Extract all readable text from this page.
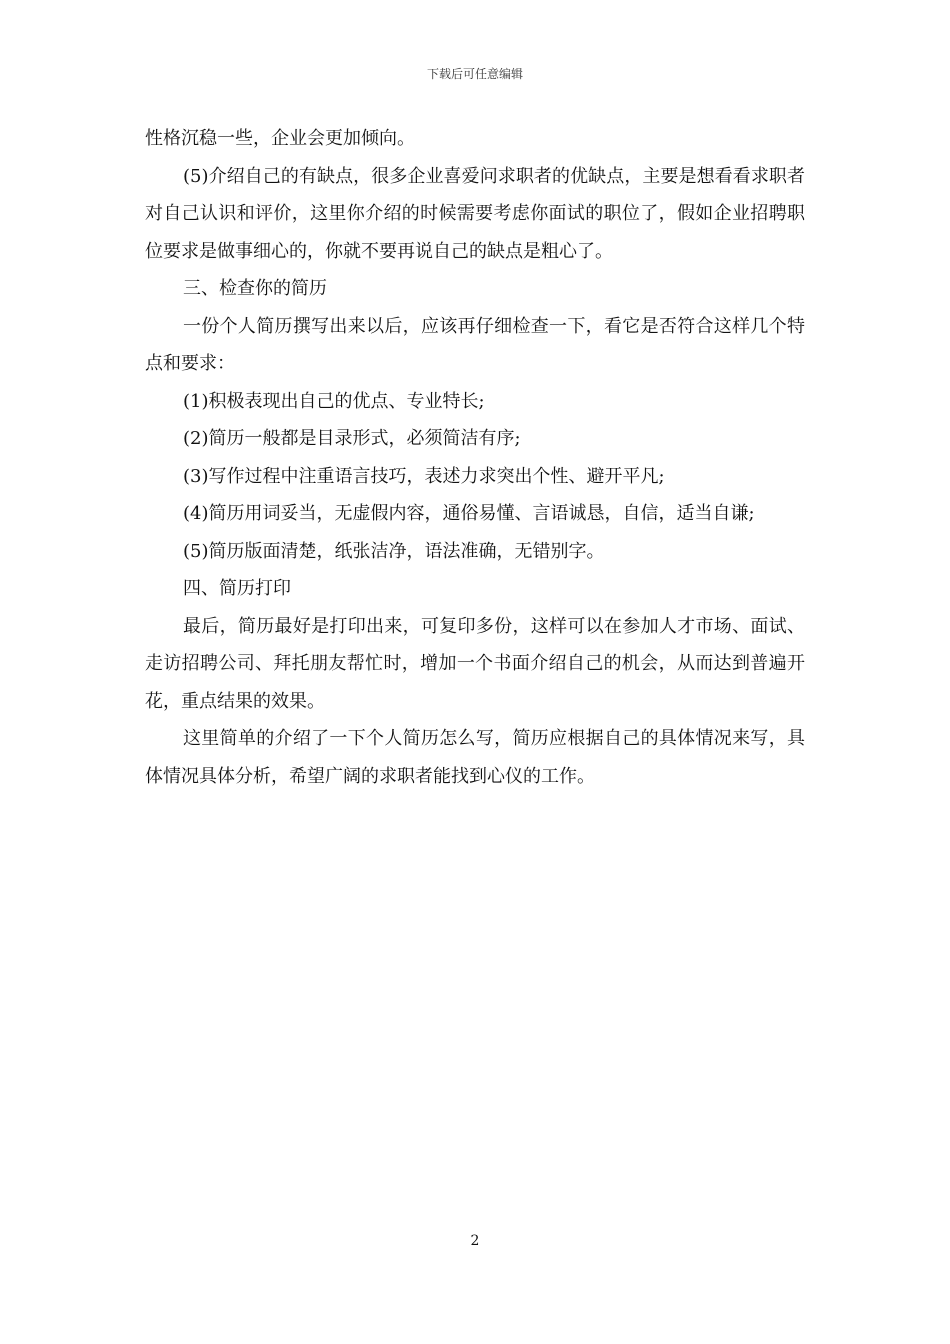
下载后可任意编辑

性格沉稳一些，企业会更加倾向。

(5)介绍自己的有缺点，很多企业喜爱问求职者的优缺点，主要是想看看求职者对自己认识和评价，这里你介绍的时候需要考虑你面试的职位了，假如企业招聘职位要求是做事细心的，你就不要再说自己的缺点是粗心了。

三、检查你的简历

一份个人简历撰写出来以后，应该再仔细检查一下，看它是否符合这样几个特点和要求：

(1)积极表现出自己的优点、专业特长;

(2)简历一般都是目录形式，必须简洁有序;

(3)写作过程中注重语言技巧，表述力求突出个性、避开平凡;

(4)简历用词妥当，无虚假内容，通俗易懂、言语诚恳，自信，适当自谦;

(5)简历版面清楚，纸张洁净，语法准确，无错别字。

四、简历打印

最后，简历最好是打印出来，可复印多份，这样可以在参加人才市场、面试、走访招聘公司、拜托朋友帮忙时，增加一个书面介绍自己的机会，从而达到普遍开花，重点结果的效果。

这里简单的介绍了一下个人简历怎么写，简历应根据自己的具体情况来写，具体情况具体分析，希望广阔的求职者能找到心仪的工作。

2
